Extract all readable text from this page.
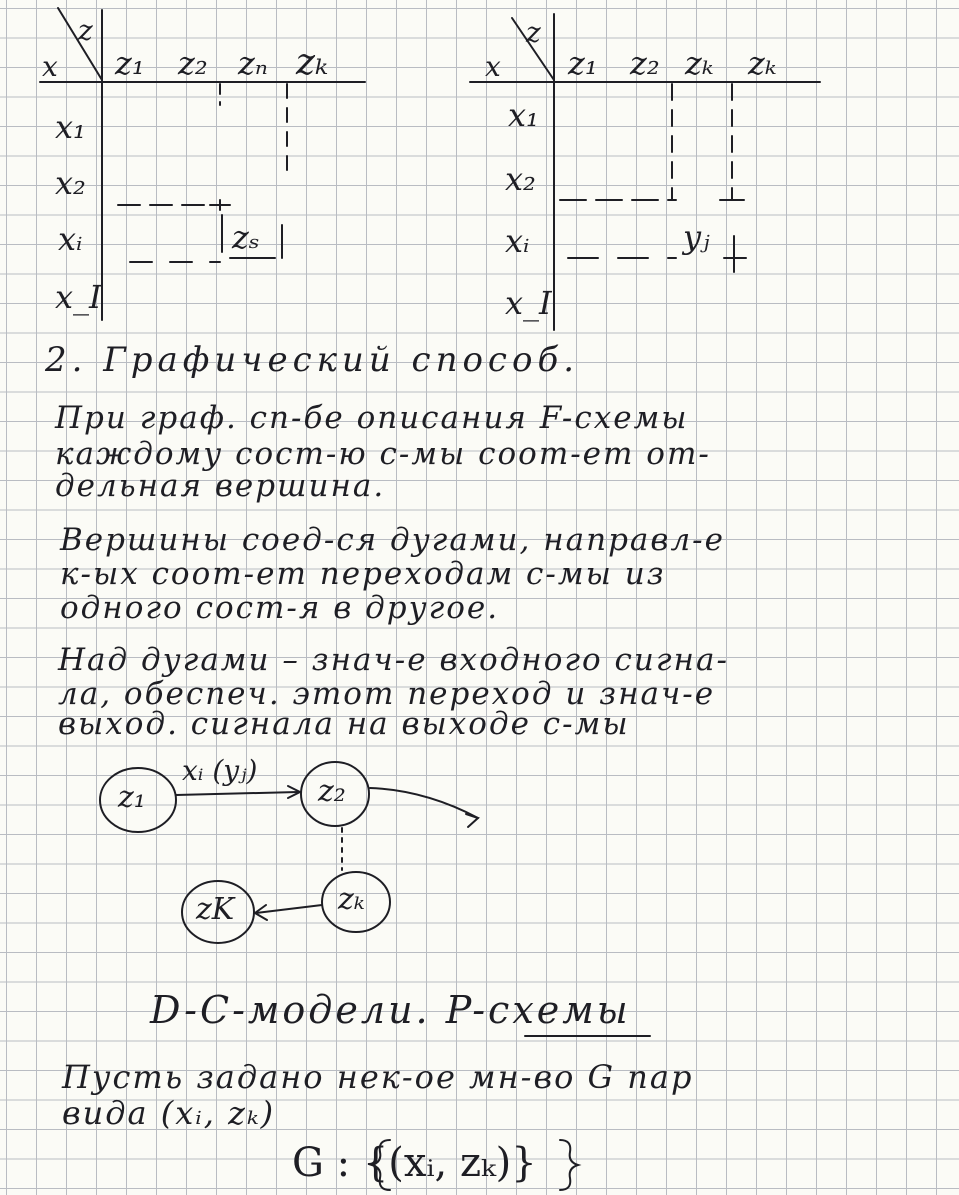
z
x z₁ z₂ zₙ zₖ
x₁
x₂
xᵢ
x_I
zₛ
z
x z₁ z₂ zₖ zₖ
x₁
x₂
xᵢ
x_I
yⱼ
2. Графический способ.
При граф. сп-бе описания F-схемы
каждому сост-ю с-мы соот-ет от-
дельная вершина.
Вершины соед-ся дугами, направл-е
к-ых соот-ет переходам с-мы из
одного сост-я в другое.
Над дугами – знач-е входного сигна-
ла, обеспеч. этот переход и знач-е
выход. сигнала на выходе с-мы
z₁	z₂
zₖ
zK
xᵢ (yⱼ)
D-C-модели. P-схемы
Пусть задано нек-ое мн-во G пар
вида (xᵢ, zₖ)
G : {(xᵢ, zₖ)}
